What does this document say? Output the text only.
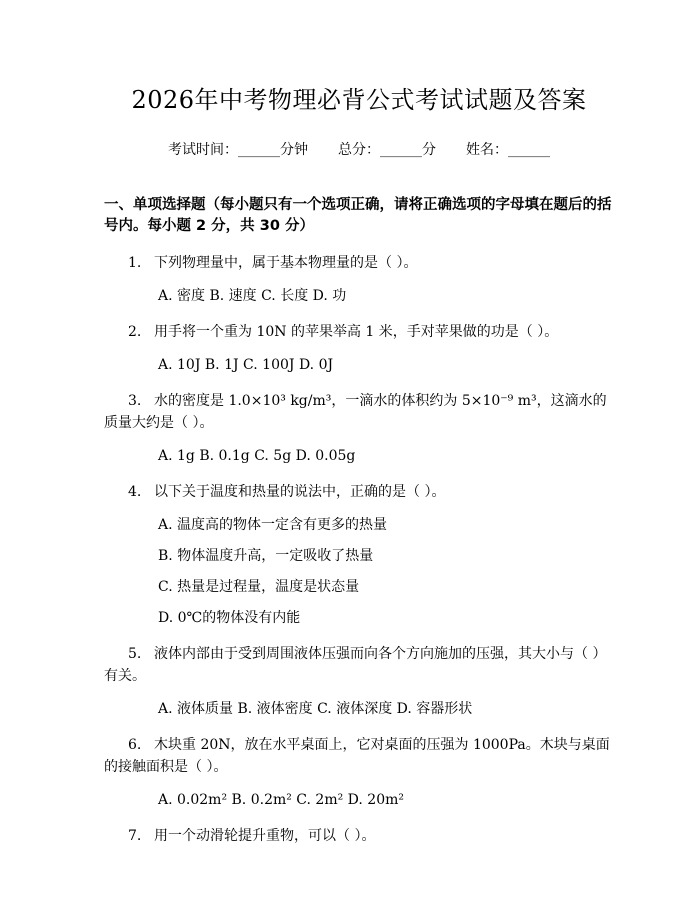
2026年中考物理必背公式考试试题及答案
考试时间：______分钟 总分：______分 姓名：______
一、单项选择题（每小题只有一个选项正确，请将正确选项的字母填在题后的括
号内。每小题 2 分，共 30 分）
1. 下列物理量中，属于基本物理量的是（ ）。
A. 密度 B. 速度 C. 长度 D. 功
2. 用手将一个重为 10N 的苹果举高 1 米，手对苹果做的功是（ ）。
A. 10J B. 1J C. 100J D. 0J
3. 水的密度是 1.0×10³ kg/m³，一滴水的体积约为 5×10⁻⁹ m³，这滴水的质量大约是（ ）。
A. 1g B. 0.1g C. 5g D. 0.05g
4. 以下关于温度和热量的说法中，正确的是（ ）。
A. 温度高的物体一定含有更多的热量
B. 物体温度升高，一定吸收了热量
C. 热量是过程量，温度是状态量
D. 0℃的物体没有内能
5. 液体内部由于受到周围液体压强而向各个方向施加的压强，其大小与（ ）有关。
A. 液体质量 B. 液体密度 C. 液体深度 D. 容器形状
6. 木块重 20N，放在水平桌面上，它对桌面的压强为 1000Pa。木块与桌面的接触面积是（ ）。
A. 0.02m² B. 0.2m² C. 2m² D. 20m²
7. 用一个动滑轮提升重物，可以（ ）。
